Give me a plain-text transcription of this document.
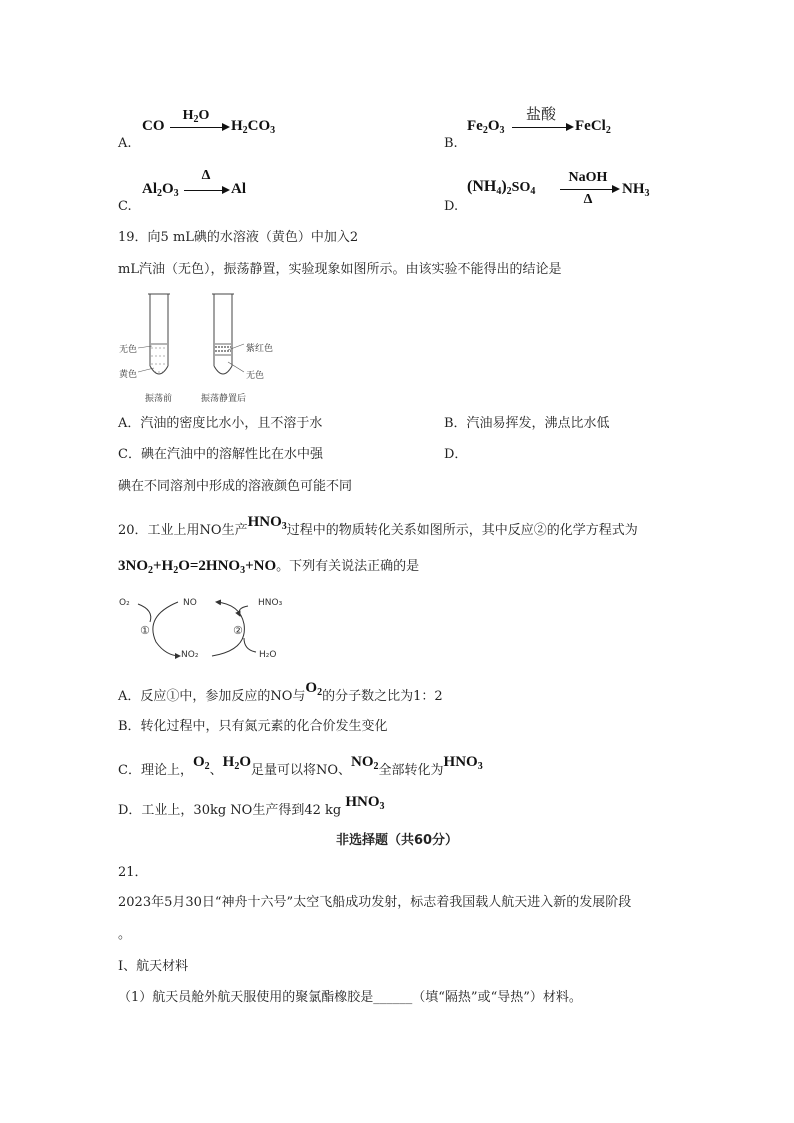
A.
CO
$H_2O$
$H_2CO_3$
B.
$Fe_2O_3$
盐酸
FeCl$_2$
C.
$Al_2O_3$
Δ
Al
D.
$(NH_4)_2SO_4$
NaOH
Δ
$NH_3$
19．向5 mL碘的水溶液（黄色）中加入2
mL汽油（无色），振荡静置，实验现象如图所示。由该实验不能得出的结论是
无色
黄色
紫红色
无色
振荡前	振荡静置后
A．汽油的密度比水小，且不溶于水	B．汽油易挥发，沸点比水低
C．碘在汽油中的溶解性比在水中强	D．
碘在不同溶剂中形成的溶液颜色可能不同
20．工业上用NO生产$HNO_3$过程中的物质转化关系如图所示，其中反应②的化学方程式为
$3NO_2+H_2O=2HNO_3+NO$。下列有关说法正确的是
O₂	NO	HNO₃
NO₂	H₂O
①	②
A．反应①中，参加反应的NO与$O_2$的分子数之比为1：2
B．转化过程中，只有氮元素的化合价发生变化
C．理论上，$O_2$、$H_2O$足量可以将NO、$NO_2$全部转化为$HNO_3$
D．工业上，30kg NO生产得到42 kg $HNO_3$
非选择题（共60分）
21．
2023年5月30日“神舟十六号”太空飞船成功发射，标志着我国载人航天进入新的发展阶段
。
Ⅰ、航天材料
（1）航天员舱外航天服使用的聚氯酯橡胶是______（填“隔热”或“导热”）材料。
